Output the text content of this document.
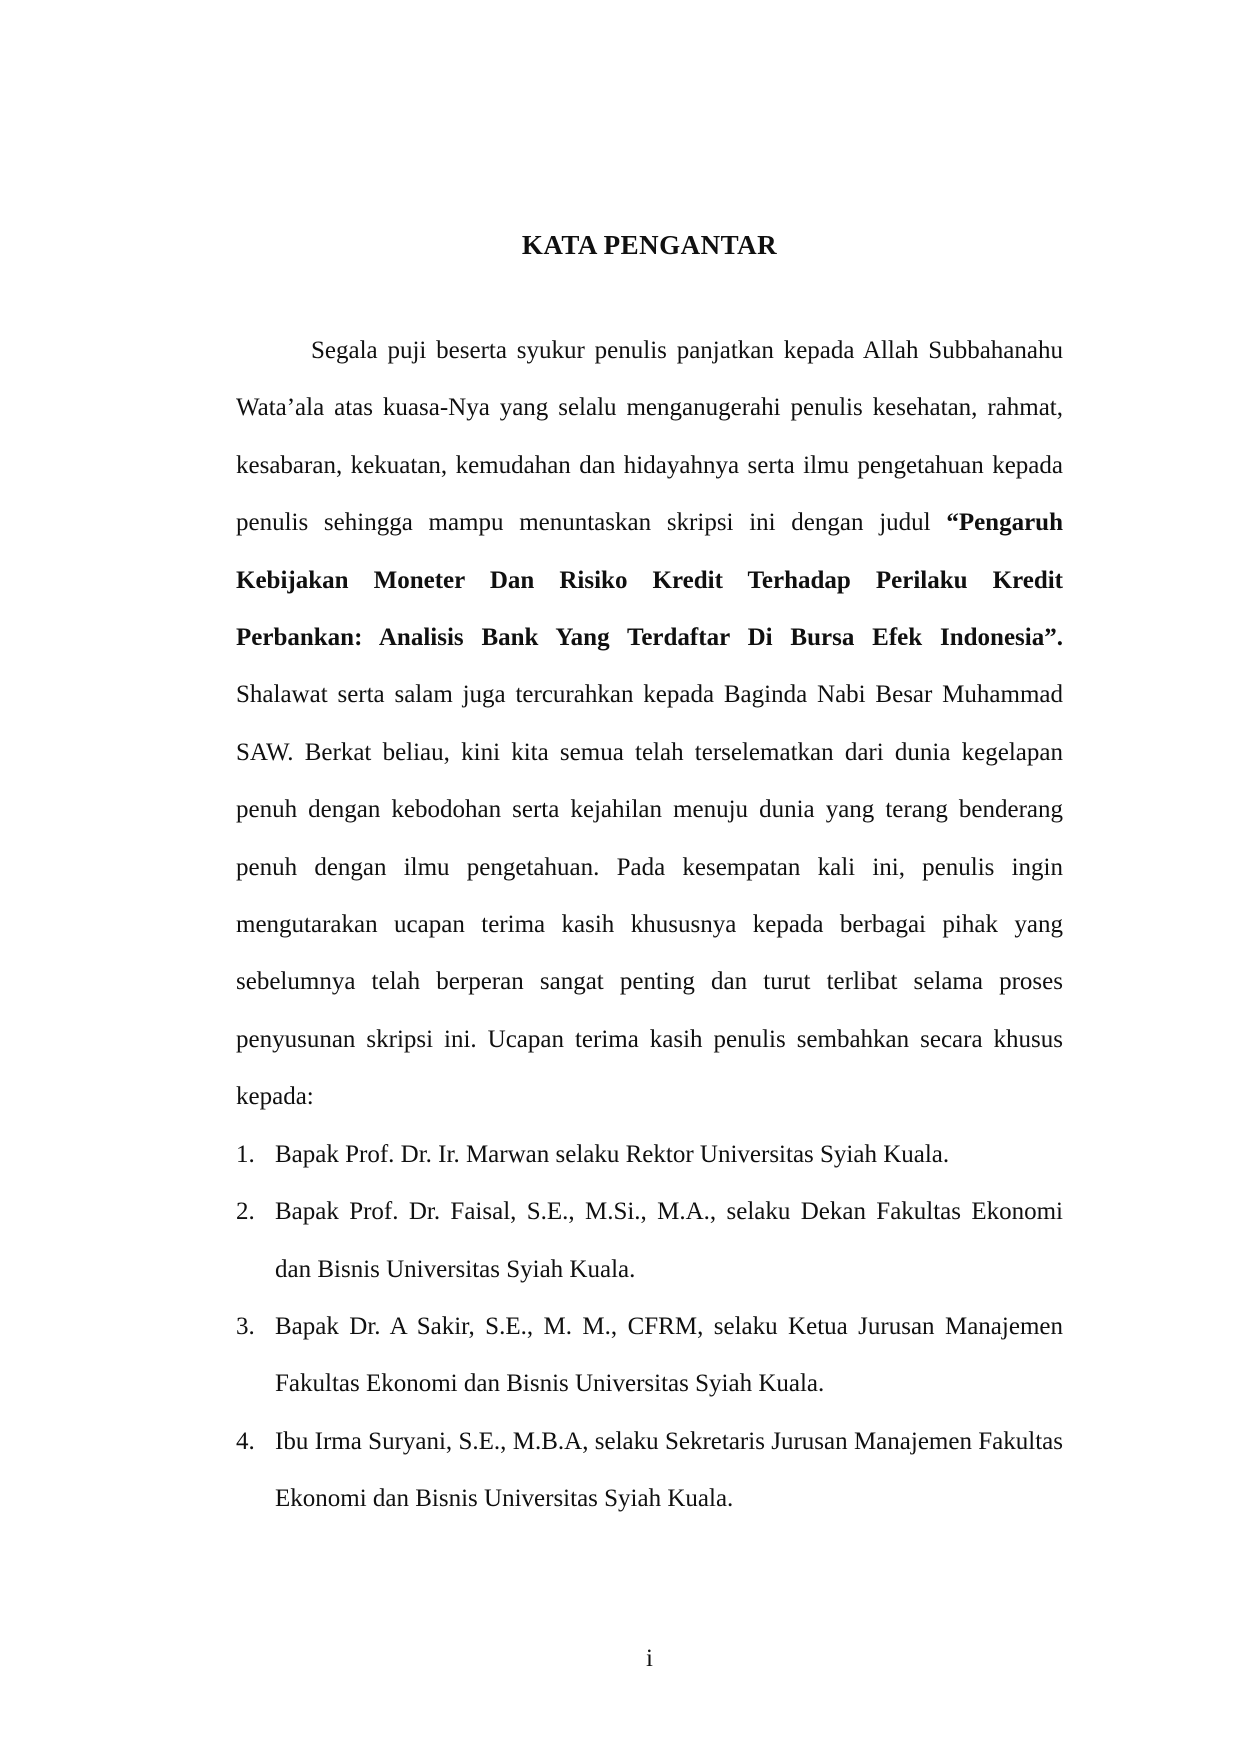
KATA PENGANTAR

Segala puji beserta syukur penulis panjatkan kepada Allah Subbahanahu Wata’ala atas kuasa-Nya yang selalu menganugerahi penulis kesehatan, rahmat, kesabaran, kekuatan, kemudahan dan hidayahnya serta ilmu pengetahuan kepada penulis sehingga mampu menuntaskan skripsi ini dengan judul “Pengaruh Kebijakan Moneter Dan Risiko Kredit Terhadap Perilaku Kredit Perbankan: Analisis Bank Yang Terdaftar Di Bursa Efek Indonesia”. Shalawat serta salam juga tercurahkan kepada Baginda Nabi Besar Muhammad SAW. Berkat beliau, kini kita semua telah terselematkan dari dunia kegelapan penuh dengan kebodohan serta kejahilan menuju dunia yang terang benderang penuh dengan ilmu pengetahuan. Pada kesempatan kali ini, penulis ingin mengutarakan ucapan terima kasih khususnya kepada berbagai pihak yang sebelumnya telah berperan sangat penting dan turut terlibat selama proses penyusunan skripsi ini. Ucapan terima kasih penulis sembahkan secara khusus kepada:

1. Bapak Prof. Dr. Ir. Marwan selaku Rektor Universitas Syiah Kuala.
2. Bapak Prof. Dr. Faisal, S.E., M.Si., M.A., selaku Dekan Fakultas Ekonomi dan Bisnis Universitas Syiah Kuala.
3. Bapak Dr. A Sakir, S.E., M. M., CFRM, selaku Ketua Jurusan Manajemen Fakultas Ekonomi dan Bisnis Universitas Syiah Kuala.
4. Ibu Irma Suryani, S.E., M.B.A, selaku Sekretaris Jurusan Manajemen Fakultas Ekonomi dan Bisnis Universitas Syiah Kuala.
i
